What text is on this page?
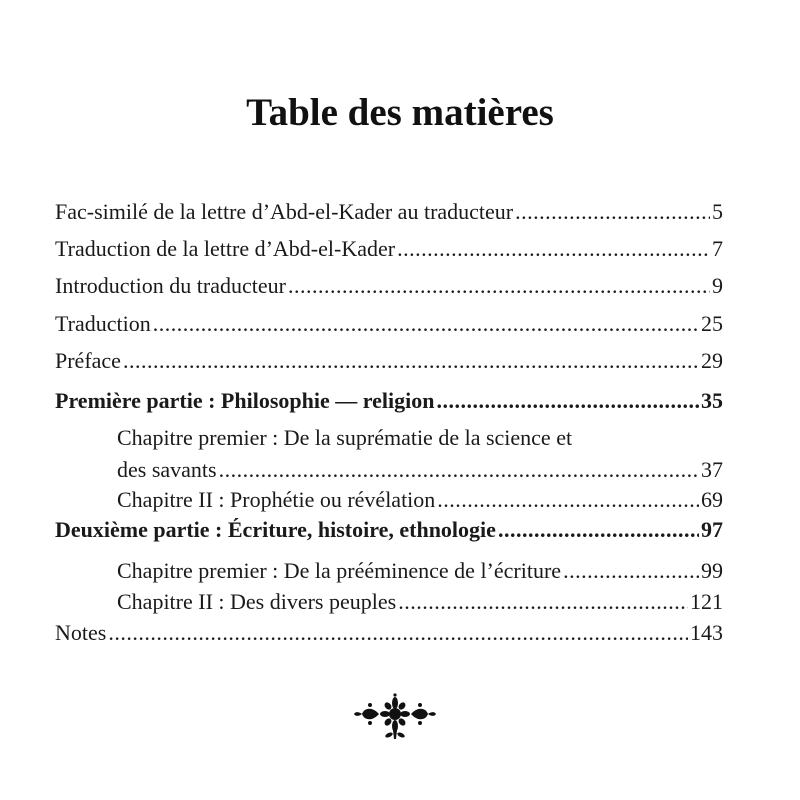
Table des matières
Fac-similé de la lettre d’Abd-el-Kader au traducteur .....	5
Traduction de la lettre d’Abd-el-Kader .....	7
Introduction du traducteur .....	9
Traduction .....	25
Préface .....	29
Première partie : Philosophie — religion .....	35
Chapitre premier : De la suprématie de la science et
des savants .....	37
Chapitre II : Prophétie ou révélation .....	69
Deuxième partie : Écriture, histoire, ethnologie .....	97
Chapitre premier : De la prééminence de l’écriture .....	99
Chapitre II : Des divers peuples .....	121
Notes .....	143
